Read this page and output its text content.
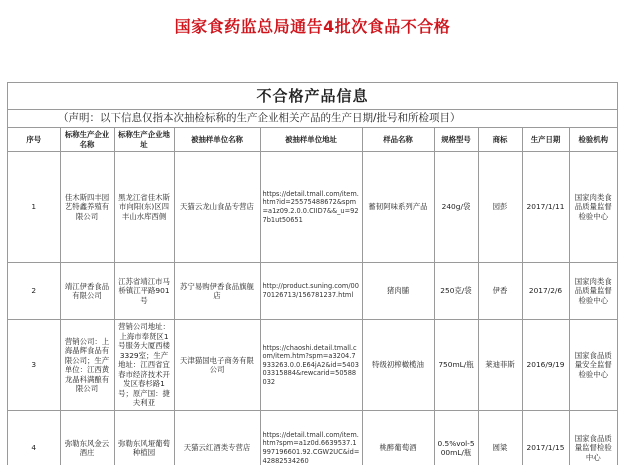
国家食药监总局通告4批次食品不合格
不合格产品信息
（声明：以下信息仅指本次抽检标称的生产企业相关产品的生产日期/批号和所检项目）
序号	标称生产企业名称	标称生产企业地址	被抽样单位名称	被抽样单位地址	样品名称	规格型号	商标	生产日期	检验机构
1	佳木斯四丰园艺特鑫养殖有限公司	黑龙江省佳木斯市向阳(东)区四丰山水库西侧	天猫云龙山食品专营店	https://detail.tmall.com/item.htm?id=25575488672&spm=a1z09.2.0.0.CIID7&&_u=927b1ut50651	蓄韧阿味系列产品	240g/袋	园彭	2017/1/11	国家肉类食品质量监督检验中心
2	靖江伊香食品有限公司	江苏省靖江市马桥镇江平路901号	苏宁易购伊香食品旗舰店	http://product.suning.com/0070126713/156781237.html	猪肉脯	250克/袋	伊香	2017/2/6	国家肉类食品质量监督检验中心
3	营销公司：上海晶辉食品有限公司；生产单位：江西黄龙晶科满酿有限公司	营销公司地址：上海市奉贤区1号服务大厦西楼3329室；生产地址：江西省宜春市经济技术开发区春杉路1号；原产国：捷夫利亚	天津猫国电子商务有限公司	https://chaoshi.detail.tmall.com/item.htm?spm=a3204.7933263.0.0.E64jA2&id=540303315884&rewcarid=50588032	特级初榨橄榄油	750mL/瓶	莱迪菲斯	2016/9/19	国家食品质量安全监督检验中心
4	弥勒东风金云酒庄	弥勒东风垭葡萄种植园	天猫云红酒类专营店	https://detail.tmall.com/item.htm?spm=a1z0d.6639537.1997196601.92.CGW2UC&id=42882534260	桃醉葡萄酒	0.5%vol-500mL/瓶	圆粱	2017/1/15	国家食品质量监督检验中心
